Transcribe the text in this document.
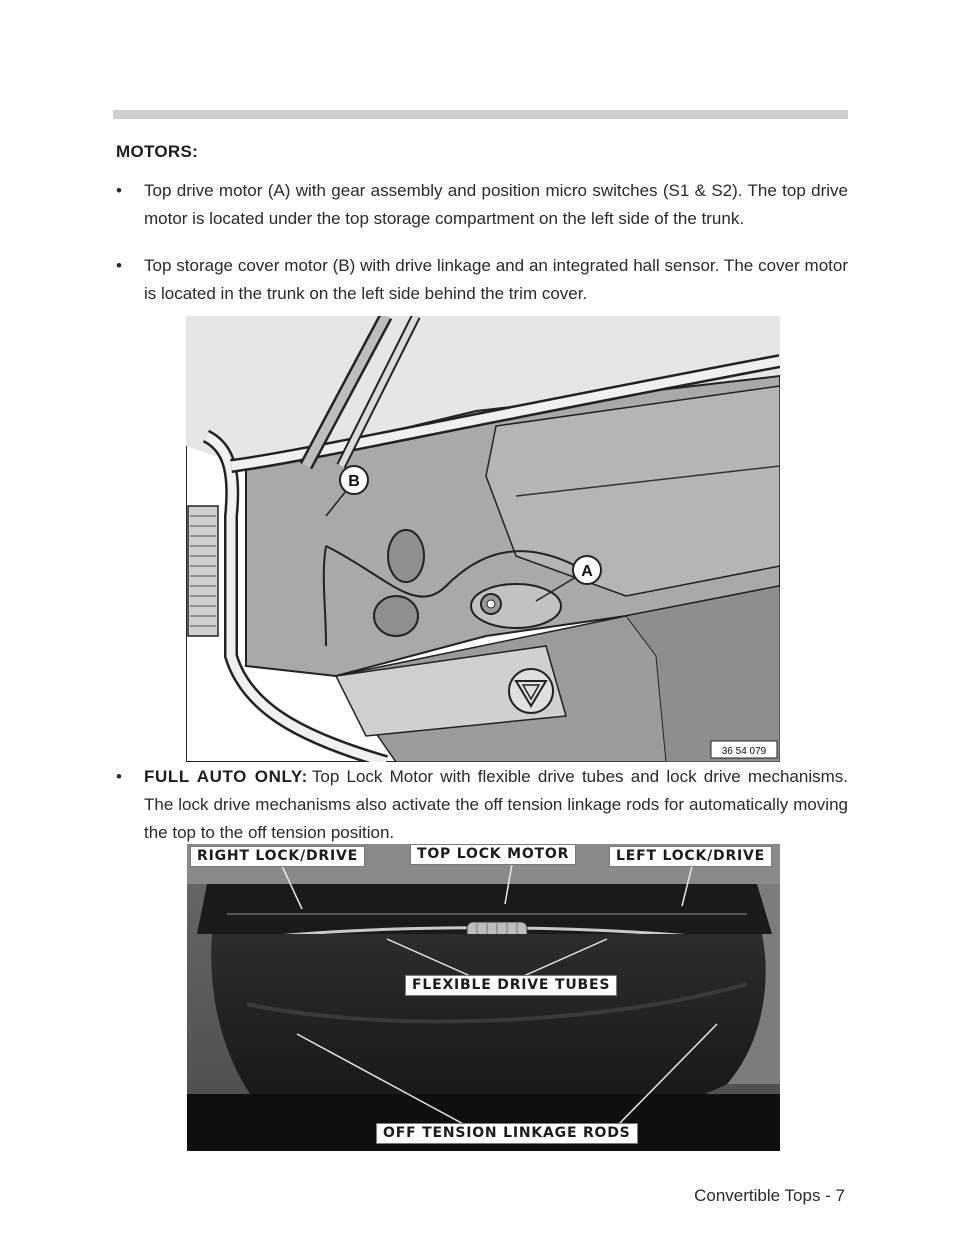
MOTORS:
• Top drive motor (A) with gear assembly and position micro switches (S1 & S2). The top drive motor is located under the top storage compartment on the left side of the trunk.
• Top storage cover motor (B) with drive linkage and an integrated hall sensor. The cover motor is located in the trunk on the left side behind the trim cover.
B
A
36 54 079
• FULL AUTO ONLY: Top Lock Motor with flexible drive tubes and lock drive mechanisms. The lock drive mechanisms also activate the off tension linkage rods for automatically moving the top to the off tension position.
RIGHT LOCK/DRIVE	TOP LOCK MOTOR	LEFT LOCK/DRIVE
FLEXIBLE DRIVE TUBES
OFF TENSION LINKAGE RODS
Convertible Tops - 7
